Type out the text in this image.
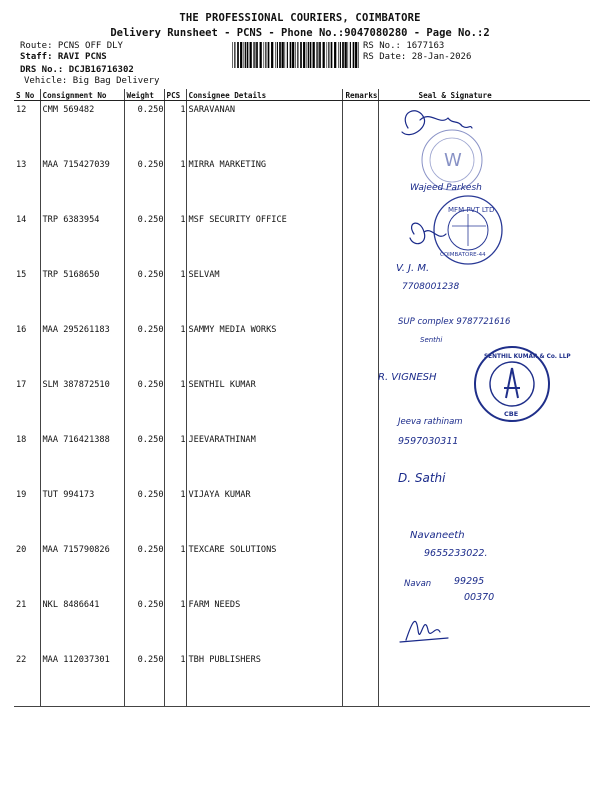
THE PROFESSIONAL COURIERS, COIMBATORE
Delivery Runsheet - PCNS - Phone No.:9047080280 - Page No.:2
Route: PCNS OFF DLY
Staff: RAVI PCNS
DRS No.: DCJB16716302
Vehicle: Big Bag Delivery
RS No.: 1677163
RS Date: 28-Jan-2026
S No	Consignment No	Weight	PCS	Consignee Details	Remarks	Seal & Signature
12	CMM 569482	0.250	1	SARAVANAN		
13	MAA 715427039	0.250	1	MIRRA MARKETING		
14	TRP 6383954	0.250	1	MSF SECURITY OFFICE		
15	TRP 5168650	0.250	1	SELVAM		
16	MAA 295261183	0.250	1	SAMMY MEDIA WORKS		
17	SLM 387872510	0.250	1	SENTHIL KUMAR		
18	MAA 716421388	0.250	1	JEEVARATHINAM		
19	TUT 994173	0.250	1	VIJAYA KUMAR		
20	MAA 715790826	0.250	1	TEXCARE SOLUTIONS		
21	NKL 8486641	0.250	1	FARM NEEDS		
22	MAA 112037301	0.250	1	TBH PUBLISHERS		
W
Wajeed Parkesh
MFM PVT LTD
COIMBATORE-44
V. J. M.
7708001238
SUP complex 9787721616
Senthi
R. VIGNESH
SENTHIL KUMAR & Co. LLP
CBE
Jeeva rathinam
9597030311
D. Sathi
Navaneeth
9655233022.
Navan 99295
00370
